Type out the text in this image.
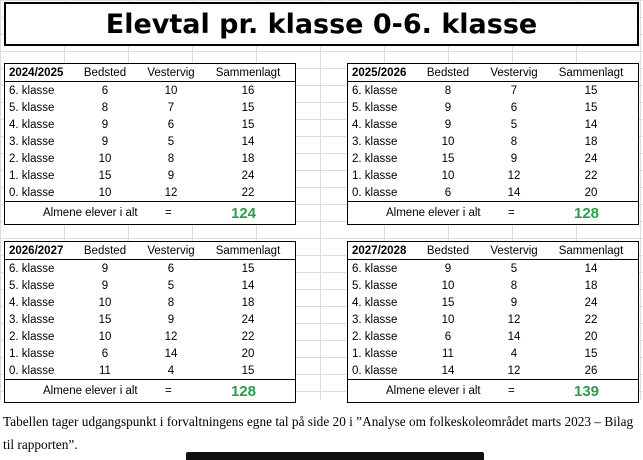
Elevtal pr. klasse 0-6. klasse
2024/2025	Bedsted	Vestervig	Sammenlagt
6. klasse	6	10	16
5. klasse	8	7	15
4. klasse	9	6	15
3. klasse	9	5	14
2. klasse	10	8	18
1. klasse	15	9	24
0. klasse	10	12	22
Almene elever i alt =	124
2025/2026	Bedsted	Vestervig	Sammenlagt
6. klasse	8	7	15
5. klasse	9	6	15
4. klasse	9	5	14
3. klasse	10	8	18
2. klasse	15	9	24
1. klasse	10	12	22
0. klasse	6	14	20
Almene elever i alt =	128
2026/2027	Bedsted	Vestervig	Sammenlagt
6. klasse	9	6	15
5. klasse	9	5	14
4. klasse	10	8	18
3. klasse	15	9	24
2. klasse	10	12	22
1. klasse	6	14	20
0. klasse	11	4	15
Almene elever i alt =	128
2027/2028	Bedsted	Vestervig	Sammenlagt
6. klasse	9	5	14
5. klasse	10	8	18
4. klasse	15	9	24
3. klasse	10	12	22
2. klasse	6	14	20
1. klasse	11	4	15
0. klasse	14	12	26
Almene elever i alt =	139
Tabellen tager udgangspunkt i forvaltningens egne tal på side 20 i ”Analyse om folkeskoleområdet marts 2023 – Bilag til rapporten”.
